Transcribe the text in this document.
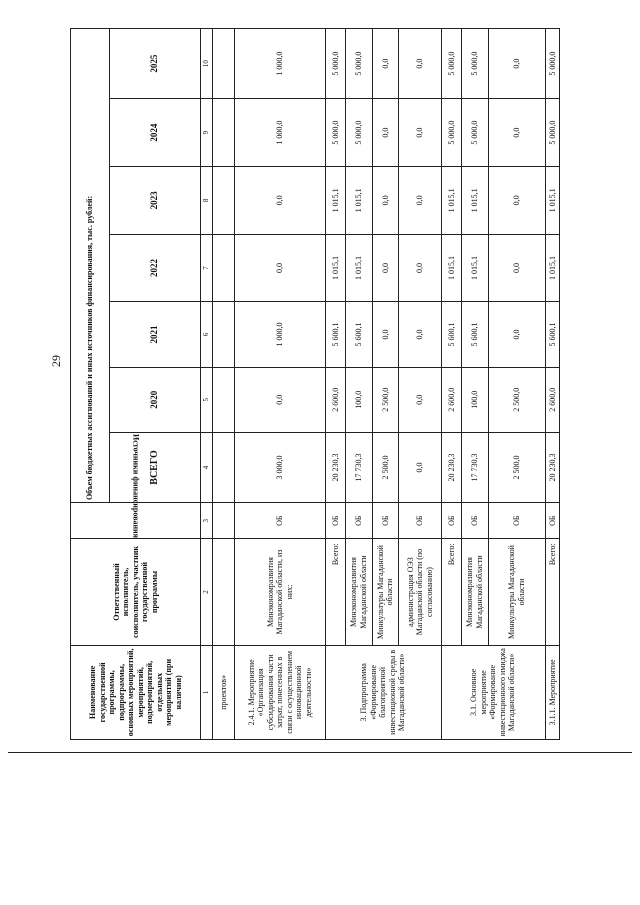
29
Наименование государственной программы, подпрограммы, основных мероприятий, мероприятий, подмероприятий, отдельных мероприятий (при наличии)	Ответственный исполнитель, соисполнитель, участник государственной программы	Источники финансирования	Объем бюджетных ассигнований и иных источников финансирования, тыс. рублей:						
			ВСЕГО	2020	2021	2022	2023	2024	2025
1	2	3	4	5	6	7	8	9	10
проектов»									
2.4.1. Мероприятие «Организация субсидирования части затрат, понесенных в связи с осуществлением инновационной деятельности»	Минэкономразвития Магаданской области, из них:	ОБ	3 000,0	0,0	1 000,0	0,0	0,0	1 000,0	1 000,0
3. Подпрограмма «Формирование благоприятной инвестиционной среды в Магаданской области»	Всего:	ОБ	20 230,3	2 600,0	5 600,1	1 015,1	1 015,1	5 000,0	5 000,0
	Минэкономразвития Магаданской области	ОБ	17 730,3	100,0	5 600,1	1 015,1	1 015,1	5 000,0	5 000,0
	Минкультуры Магаданской области	ОБ	2 500,0	2 500,0	0,0	0,0	0,0	0,0	0,0
	администрация ОЭЗ Магаданской области (по согласованию)	ОБ	0,0	0,0	0,0	0,0	0,0	0,0	0,0
3.1. Основное мероприятие «Формирование инвестиционного имиджа Магаданской области»	Всего:	ОБ	20 230,3	2 600,0	5 600,1	1 015,1	1 015,1	5 000,0	5 000,0
	Минэкономразвития Магаданской области	ОБ	17 730,3	100,0	5 600,1	1 015,1	1 015,1	5 000,0	5 000,0
	Минкультуры Магаданской области	ОБ	2 500,0	2 500,0	0,0	0,0	0,0	0,0	0,0
3.1.1. Мероприятие	Всего:	ОБ	20 230,3	2 600,0	5 600,1	1 015,1	1 015,1	5 000,0	5 000,0
